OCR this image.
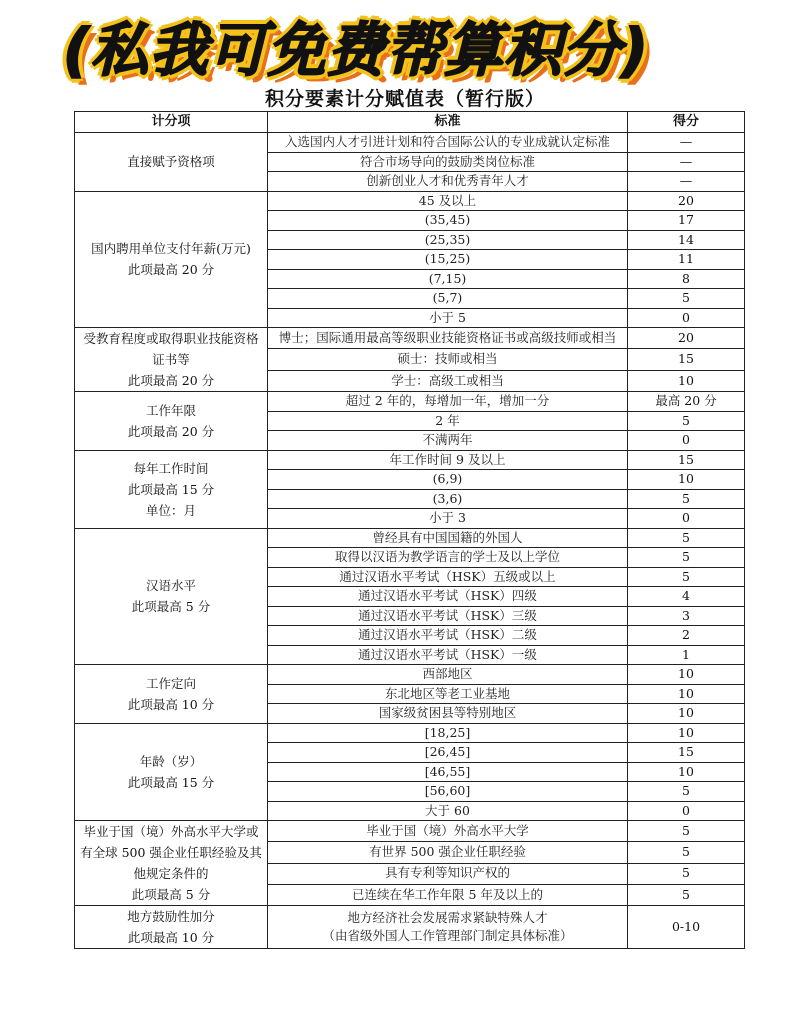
(私我可免费帮算积分)
积分要素计分赋值表（暂行版）
计分项	标准	得分
直接赋予资格项	入选国内人才引进计划和符合国际公认的专业成就认定标准	—
	符合市场导向的鼓励类岗位标准	—
	创新创业人才和优秀青年人才	—
国内聘用单位支付年薪(万元)
此项最高 20 分	45 及以上	20
	(35,45)	17
	(25,35)	14
	(15,25)	11
	(7,15)	8
	(5,7)	5
	小于 5	0
受教育程度或取得职业技能资格证书等
此项最高 20 分	博士；国际通用最高等级职业技能资格证书或高级技师或相当	20
	硕士：技师或相当	15
	学士：高级工或相当	10
工作年限
此项最高 20 分	超过 2 年的，每增加一年，增加一分	最高 20 分
	2 年	5
	不满两年	0
每年工作时间
此项最高 15 分
单位：月	年工作时间 9 及以上	15
	(6,9)	10
	(3,6)	5
	小于 3	0
汉语水平
此项最高 5 分	曾经具有中国国籍的外国人	5
	取得以汉语为教学语言的学士及以上学位	5
	通过汉语水平考试（HSK）五级或以上	5
	通过汉语水平考试（HSK）四级	4
	通过汉语水平考试（HSK）三级	3
	通过汉语水平考试（HSK）二级	2
	通过汉语水平考试（HSK）一级	1
工作定向
此项最高 10 分	西部地区	10
	东北地区等老工业基地	10
	国家级贫困县等特别地区	10
年龄（岁）
此项最高 15 分	[18,25]	10
	[26,45]	15
	[46,55]	10
	[56,60]	5
	大于 60	0
毕业于国（境）外高水平大学或有全球 500 强企业任职经验及其他规定条件的
此项最高 5 分	毕业于国（境）外高水平大学	5
	有世界 500 强企业任职经验	5
	具有专利等知识产权的	5
	已连续在华工作年限 5 年及以上的	5
地方鼓励性加分
此项最高 10 分	地方经济社会发展需求紧缺特殊人才
（由省级外国人工作管理部门制定具体标准）	0-10
